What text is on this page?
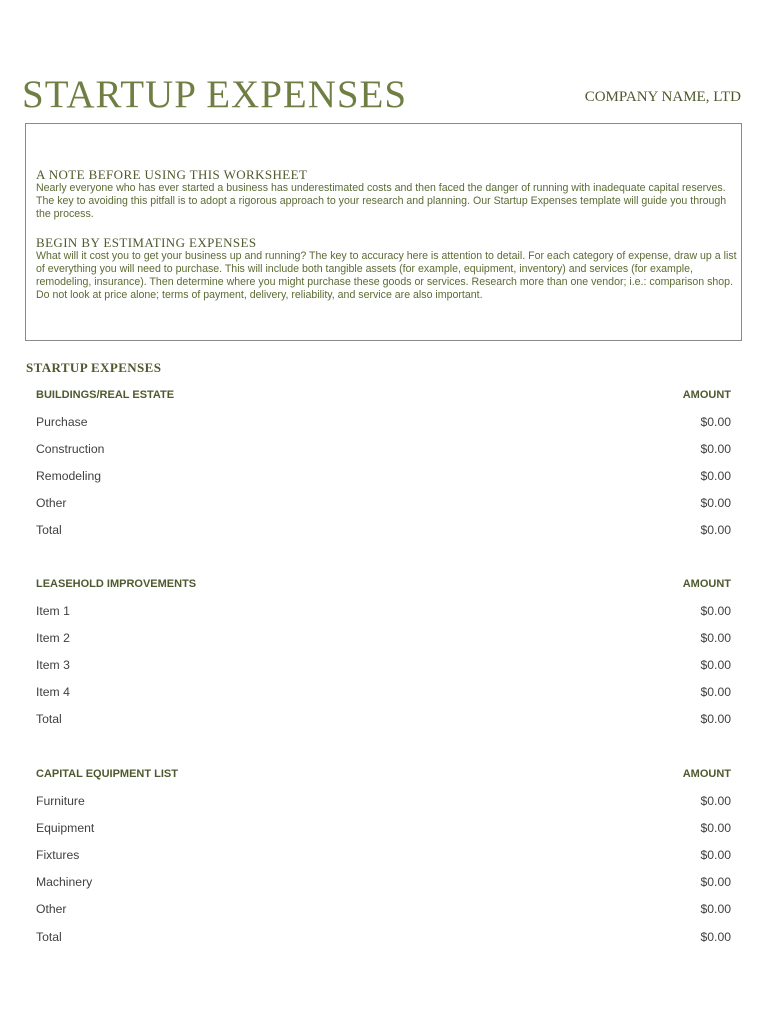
STARTUP EXPENSES	COMPANY NAME, LTD
A NOTE BEFORE USING THIS WORKSHEET

Nearly everyone who has ever started a business has underestimated costs and then faced the danger of running with inadequate capital reserves. The key to avoiding this pitfall is to adopt a rigorous approach to your research and planning. Our Startup Expenses template will guide you through the process.

BEGIN BY ESTIMATING EXPENSES

What will it cost you to get your business up and running? The key to accuracy here is attention to detail. For each category of expense, draw up a list of everything you will need to purchase. This will include both tangible assets (for example, equipment, inventory) and services (for example, remodeling, insurance). Then determine where you might purchase these goods or services. Research more than one vendor; i.e.: comparison shop. Do not look at price alone; terms of payment, delivery, reliability, and service are also important.

STARTUP EXPENSES
BUILDINGS/REAL ESTATE	AMOUNT
Purchase	$0.00
Construction	$0.00
Remodeling	$0.00
Other	$0.00
Total	$0.00
LEASEHOLD IMPROVEMENTS	AMOUNT
Item 1	$0.00
Item 2	$0.00
Item 3	$0.00
Item 4	$0.00
Total	$0.00
CAPITAL EQUIPMENT LIST	AMOUNT
Furniture	$0.00
Equipment	$0.00
Fixtures	$0.00
Machinery	$0.00
Other	$0.00
Total	$0.00
